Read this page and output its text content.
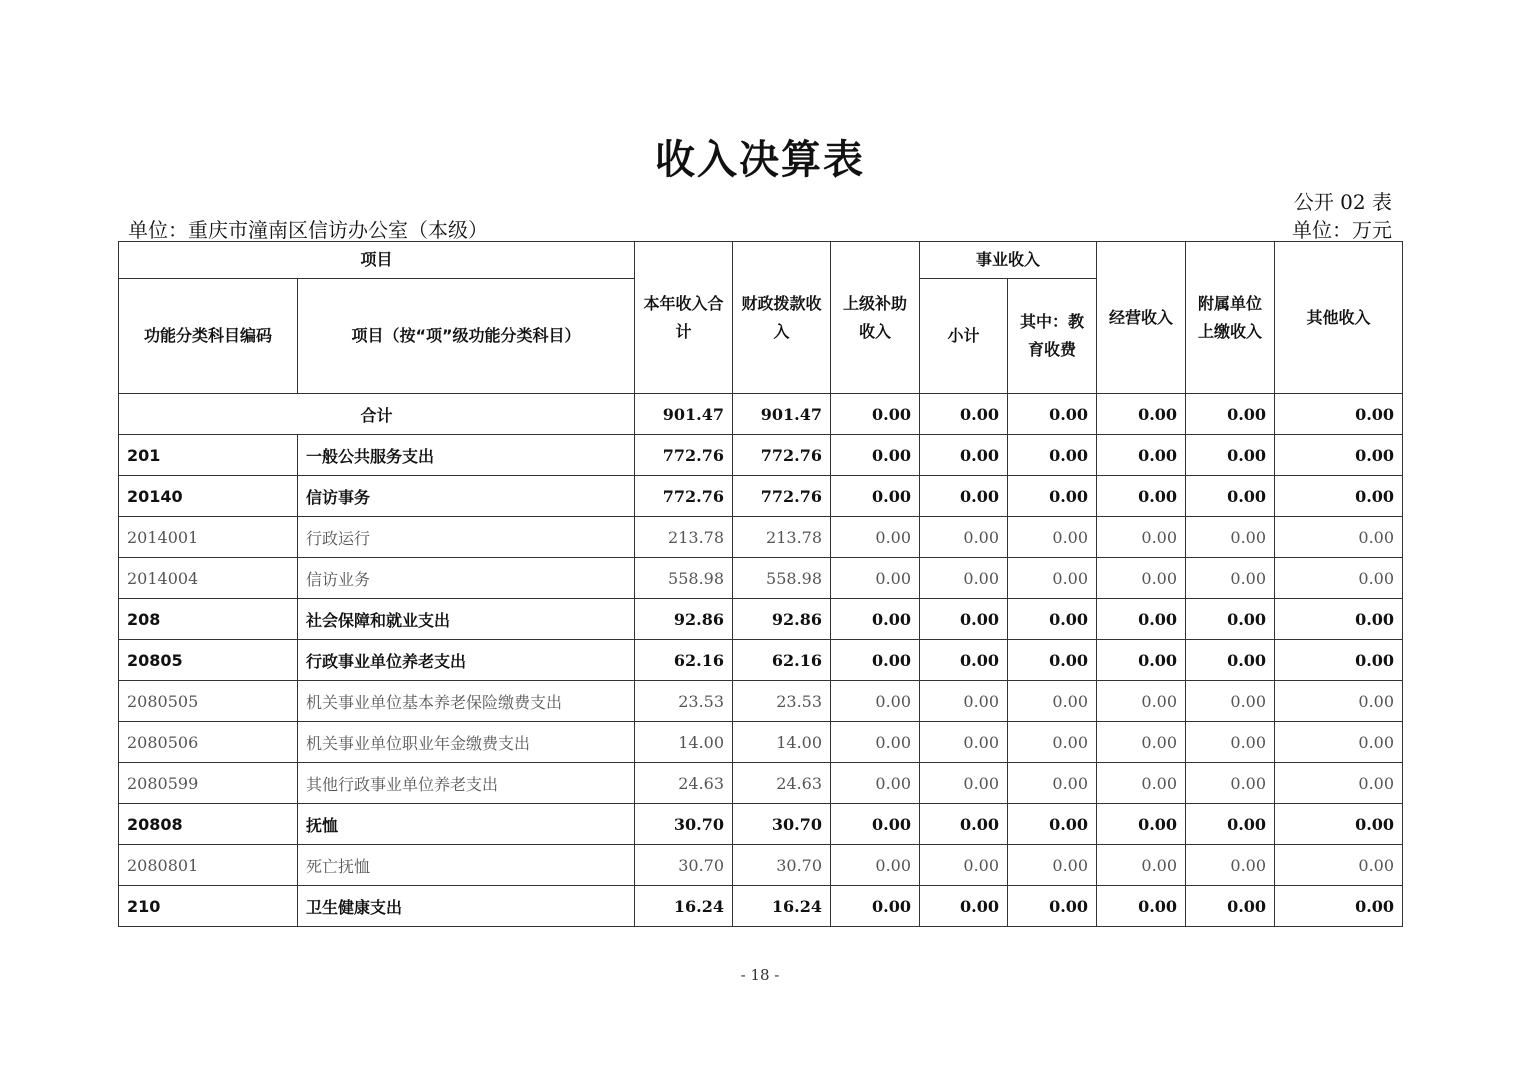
收入决算表
公开 02 表
单位：重庆市潼南区信访办公室（本级）	单位：万元
项目		本年收入合计	财政拨款收入	上级补助收入	事业收入		经营收入	附属单位上缴收入	其他收入
功能分类科目编码	项目（按“项”级功能分类科目）				小计	其中：教育收费			
合计		901.47	901.47	0.00	0.00	0.00	0.00	0.00	0.00
201	一般公共服务支出	772.76	772.76	0.00	0.00	0.00	0.00	0.00	0.00
20140	信访事务	772.76	772.76	0.00	0.00	0.00	0.00	0.00	0.00
2014001	行政运行	213.78	213.78	0.00	0.00	0.00	0.00	0.00	0.00
2014004	信访业务	558.98	558.98	0.00	0.00	0.00	0.00	0.00	0.00
208	社会保障和就业支出	92.86	92.86	0.00	0.00	0.00	0.00	0.00	0.00
20805	行政事业单位养老支出	62.16	62.16	0.00	0.00	0.00	0.00	0.00	0.00
2080505	机关事业单位基本养老保险缴费支出	23.53	23.53	0.00	0.00	0.00	0.00	0.00	0.00
2080506	机关事业单位职业年金缴费支出	14.00	14.00	0.00	0.00	0.00	0.00	0.00	0.00
2080599	其他行政事业单位养老支出	24.63	24.63	0.00	0.00	0.00	0.00	0.00	0.00
20808	抚恤	30.70	30.70	0.00	0.00	0.00	0.00	0.00	0.00
2080801	死亡抚恤	30.70	30.70	0.00	0.00	0.00	0.00	0.00	0.00
210	卫生健康支出	16.24	16.24	0.00	0.00	0.00	0.00	0.00	0.00
- 18 -
